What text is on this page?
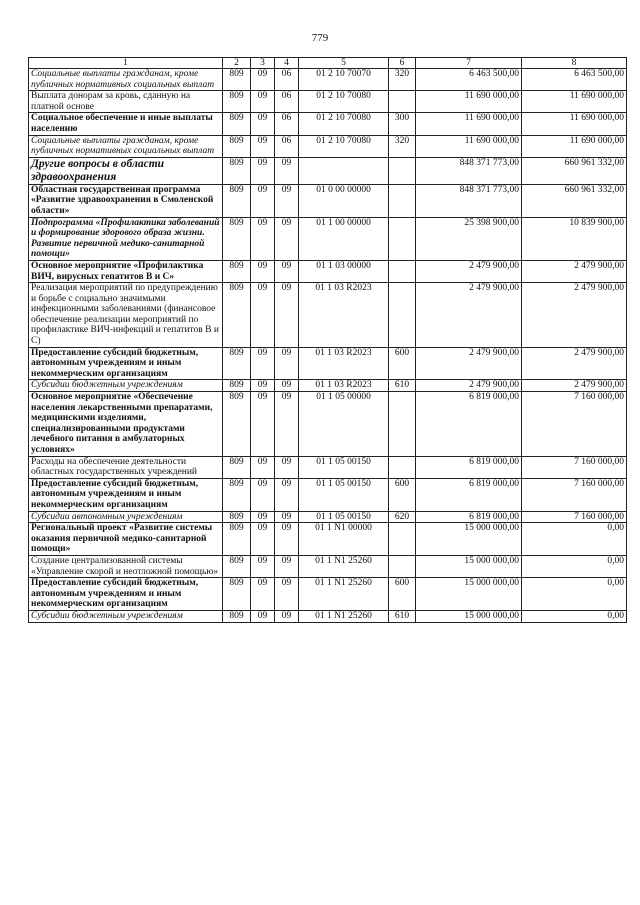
779
1	2	3	4	5	6	7	8
Социальные выплаты гражданам, кроме публичных нормативных социальных выплат	809	09	06	01 2 10 70070	320	6 463 500,00	6 463 500,00
Выплата донорам за кровь, сданную на платной основе	809	09	06	01 2 10 70080		11 690 000,00	11 690 000,00
Социальное обеспечение и иные выплаты населению	809	09	06	01 2 10 70080	300	11 690 000,00	11 690 000,00
Социальные выплаты гражданам, кроме публичных нормативных социальных выплат	809	09	06	01 2 10 70080	320	11 690 000,00	11 690 000,00
Другие вопросы в области здравоохранения	809	09	09			848 371 773,00	660 961 332,00
Областная государственная программа «Развитие здравоохранения в Смоленской области»	809	09	09	01 0 00 00000		848 371 773,00	660 961 332,00
Подпрограмма «Профилактика заболеваний и формирование здорового образа жизни. Развитие первичной медико-санитарной помощи»	809	09	09	01 1 00 00000		25 398 900,00	10 839 900,00
Основное мероприятие «Профилактика ВИЧ, вирусных гепатитов В и С»	809	09	09	01 1 03 00000		2 479 900,00	2 479 900,00
Реализация мероприятий по предупреждению и борьбе с социально значимыми инфекционными заболеваниями (финансовое обеспечение реализации мероприятий по профилактике ВИЧ-инфекций и гепатитов В и С)	809	09	09	01 1 03 R2023		2 479 900,00	2 479 900,00
Предоставление субсидий бюджетным, автономным учреждениям и иным некоммерческим организациям	809	09	09	01 1 03 R2023	600	2 479 900,00	2 479 900,00
Субсидии бюджетным учреждениям	809	09	09	01 1 03 R2023	610	2 479 900,00	2 479 900,00
Основное мероприятие «Обеспечение населения лекарственными препаратами, медицинскими изделиями, специализированными продуктами лечебного питания в амбулаторных условиях»	809	09	09	01 1 05 00000		6 819 000,00	7 160 000,00
Расходы на обеспечение деятельности областных государственных учреждений	809	09	09	01 1 05 00150		6 819 000,00	7 160 000,00
Предоставление субсидий бюджетным, автономным учреждениям и иным некоммерческим организациям	809	09	09	01 1 05 00150	600	6 819 000,00	7 160 000,00
Субсидии автономным учреждениям	809	09	09	01 1 05 00150	620	6 819 000,00	7 160 000,00
Региональный проект «Развитие системы оказания первичной медико-санитарной помощи»	809	09	09	01 1 N1 00000		15 000 000,00	0,00
Создание централизованной системы «Управление скорой и неотложной помощью»	809	09	09	01 1 N1 25260		15 000 000,00	0,00
Предоставление субсидий бюджетным, автономным учреждениям и иным некоммерческим организациям	809	09	09	01 1 N1 25260	600	15 000 000,00	0,00
Субсидии бюджетным учреждениям	809	09	09	01 1 N1 25260	610	15 000 000,00	0,00
